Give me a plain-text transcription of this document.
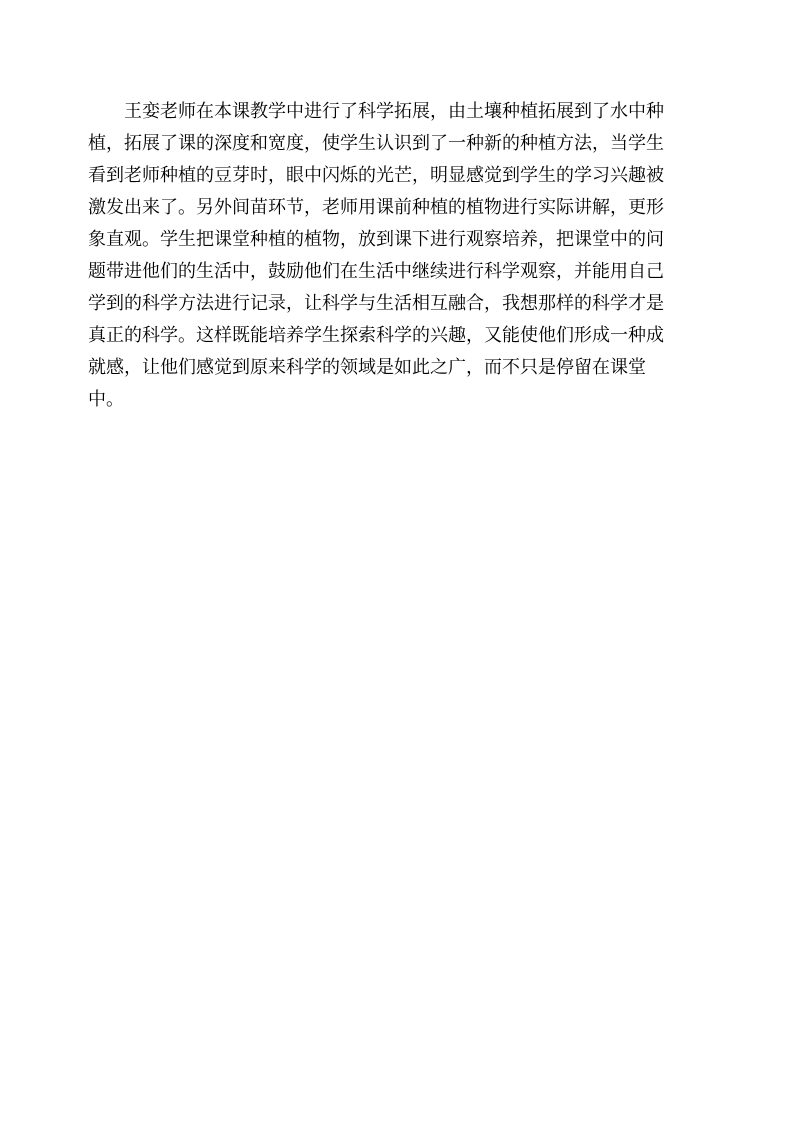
　　王娈老师在本课教学中进行了科学拓展，由土壤种植拓展到了水中种
植，拓展了课的深度和宽度，使学生认识到了一种新的种植方法，当学生
看到老师种植的豆芽时，眼中闪烁的光芒，明显感觉到学生的学习兴趣被
激发出来了。另外间苗环节，老师用课前种植的植物进行实际讲解，更形
象直观。学生把课堂种植的植物，放到课下进行观察培养，把课堂中的问
题带进他们的生活中，鼓励他们在生活中继续进行科学观察，并能用自己
学到的科学方法进行记录，让科学与生活相互融合，我想那样的科学才是
真正的科学。这样既能培养学生探索科学的兴趣，又能使他们形成一种成
就感，让他们感觉到原来科学的领域是如此之广，而不只是停留在课堂
中。
